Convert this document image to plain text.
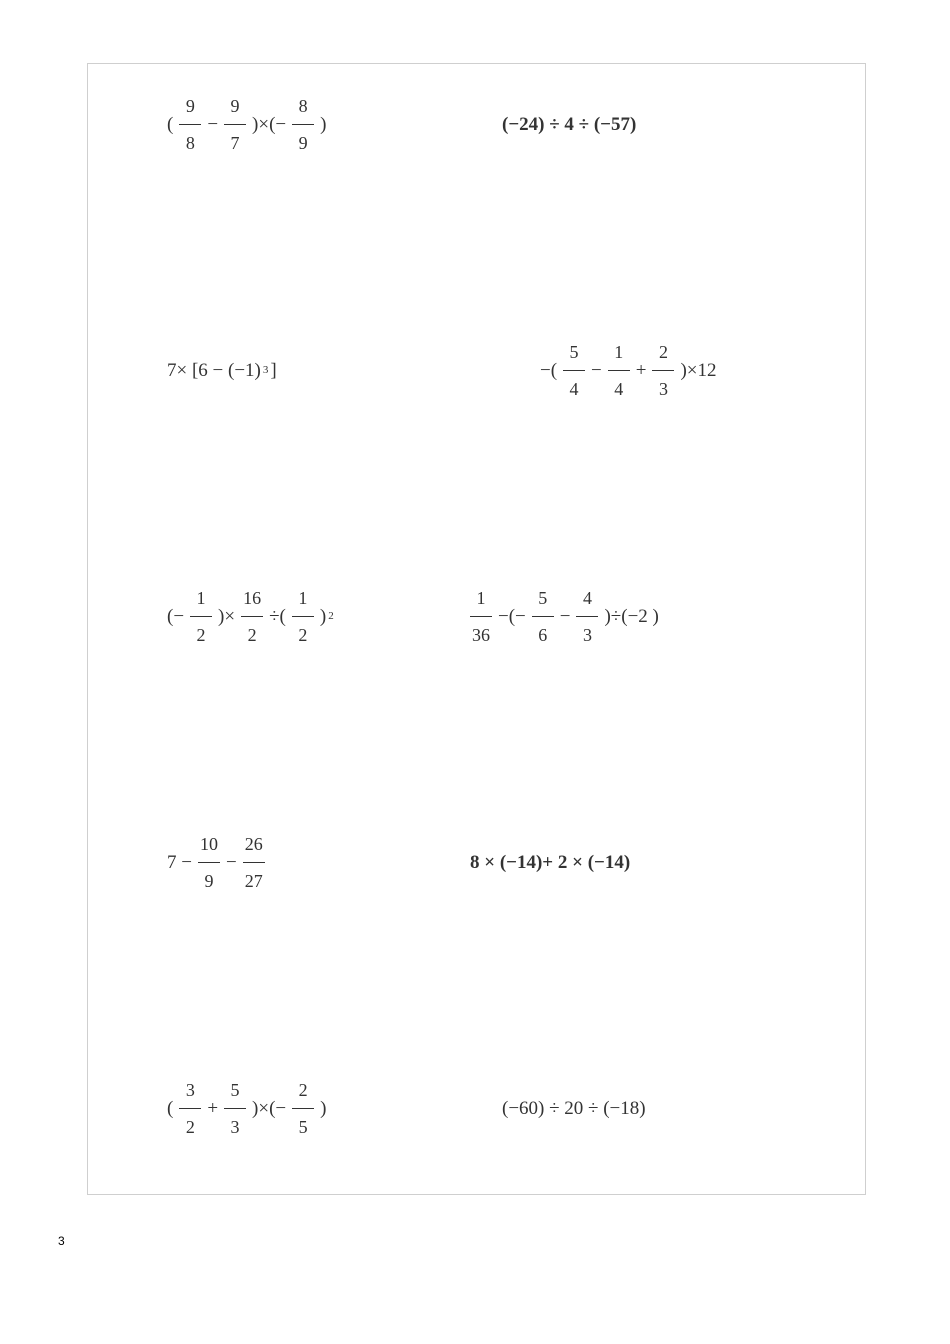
( $\frac{9}{8} - \frac{9}{7}$ )×(− $\frac{8}{9}$ )	(−24) ÷ 4 ÷ (−57)
7× [6 − (−1) 3 ]	−( $\frac{5}{4} - \frac{1}{4} + \frac{2}{3} )\times 12$
(− $\frac{1}{2}$ )× $\frac{16}{2}$ ÷( $\frac{1}{2}$ ) 2	$\frac{1}{36}$ −(− $\frac{5}{6} - \frac{4}{3} )\div(-2$ )
$7 - \frac{10}{9} - \frac{26}{27}$	8 × (−14)+ 2 × (−14)
( $\frac{3}{2} + \frac{5}{3}$ )×(− $\frac{2}{5}$ )	(−60) ÷ 20 ÷ (−18)
3
